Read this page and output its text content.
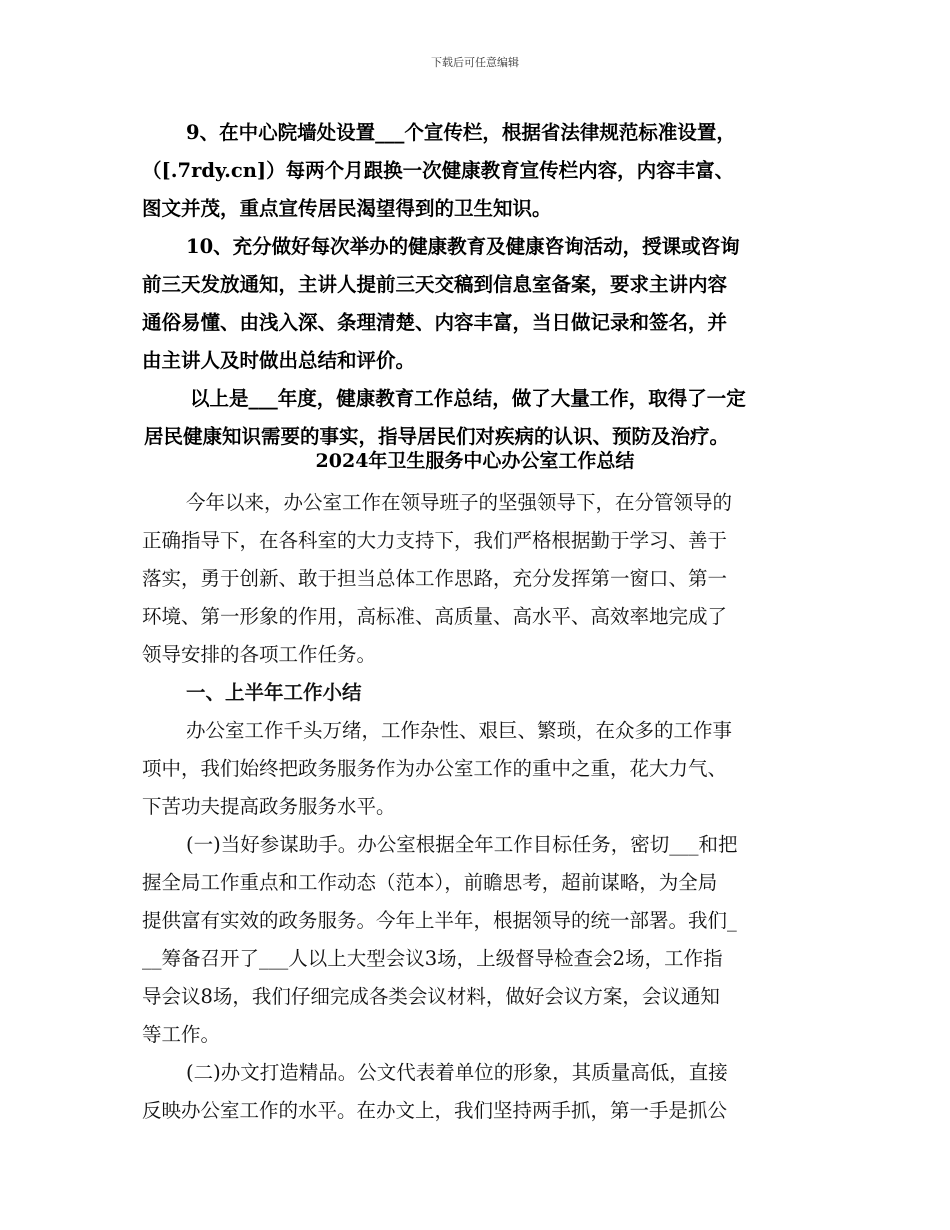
下载后可任意编辑

9、在中心院墙处设置___个宣传栏，根据省法律规范标准设置，

（[.7rdy.cn]）每两个月跟换一次健康教育宣传栏内容，内容丰富、

图文并茂，重点宣传居民渴望得到的卫生知识。

10、充分做好每次举办的健康教育及健康咨询活动，授课或咨询

前三天发放通知，主讲人提前三天交稿到信息室备案，要求主讲内容

通俗易懂、由浅入深、条理清楚、内容丰富，当日做记录和签名，并

由主讲人及时做出总结和评价。

以上是___年度，健康教育工作总结，做了大量工作，取得了一定

居民健康知识需要的事实，指导居民们对疾病的认识、预防及治疗。

2024年卫生服务中心办公室工作总结

今年以来，办公室工作在领导班子的坚强领导下，在分管领导的

正确指导下，在各科室的大力支持下，我们严格根据勤于学习、善于

落实，勇于创新、敢于担当总体工作思路，充分发挥第一窗口、第一

环境、第一形象的作用，高标准、高质量、高水平、高效率地完成了

领导安排的各项工作任务。

一、上半年工作小结

办公室工作千头万绪，工作杂性、艰巨、繁琐，在众多的工作事

项中，我们始终把政务服务作为办公室工作的重中之重，花大力气、

下苦功夫提高政务服务水平。

(一)当好参谋助手。办公室根据全年工作目标任务，密切___和把

握全局工作重点和工作动态（范本），前瞻思考，超前谋略，为全局

提供富有实效的政务服务。今年上半年，根据领导的统一部署。我们_

__筹备召开了___人以上大型会议3场，上级督导检查会2场，工作指

导会议8场，我们仔细完成各类会议材料，做好会议方案，会议通知

等工作。

(二)办文打造精品。公文代表着单位的形象，其质量高低，直接

反映办公室工作的水平。在办文上，我们坚持两手抓，第一手是抓公
